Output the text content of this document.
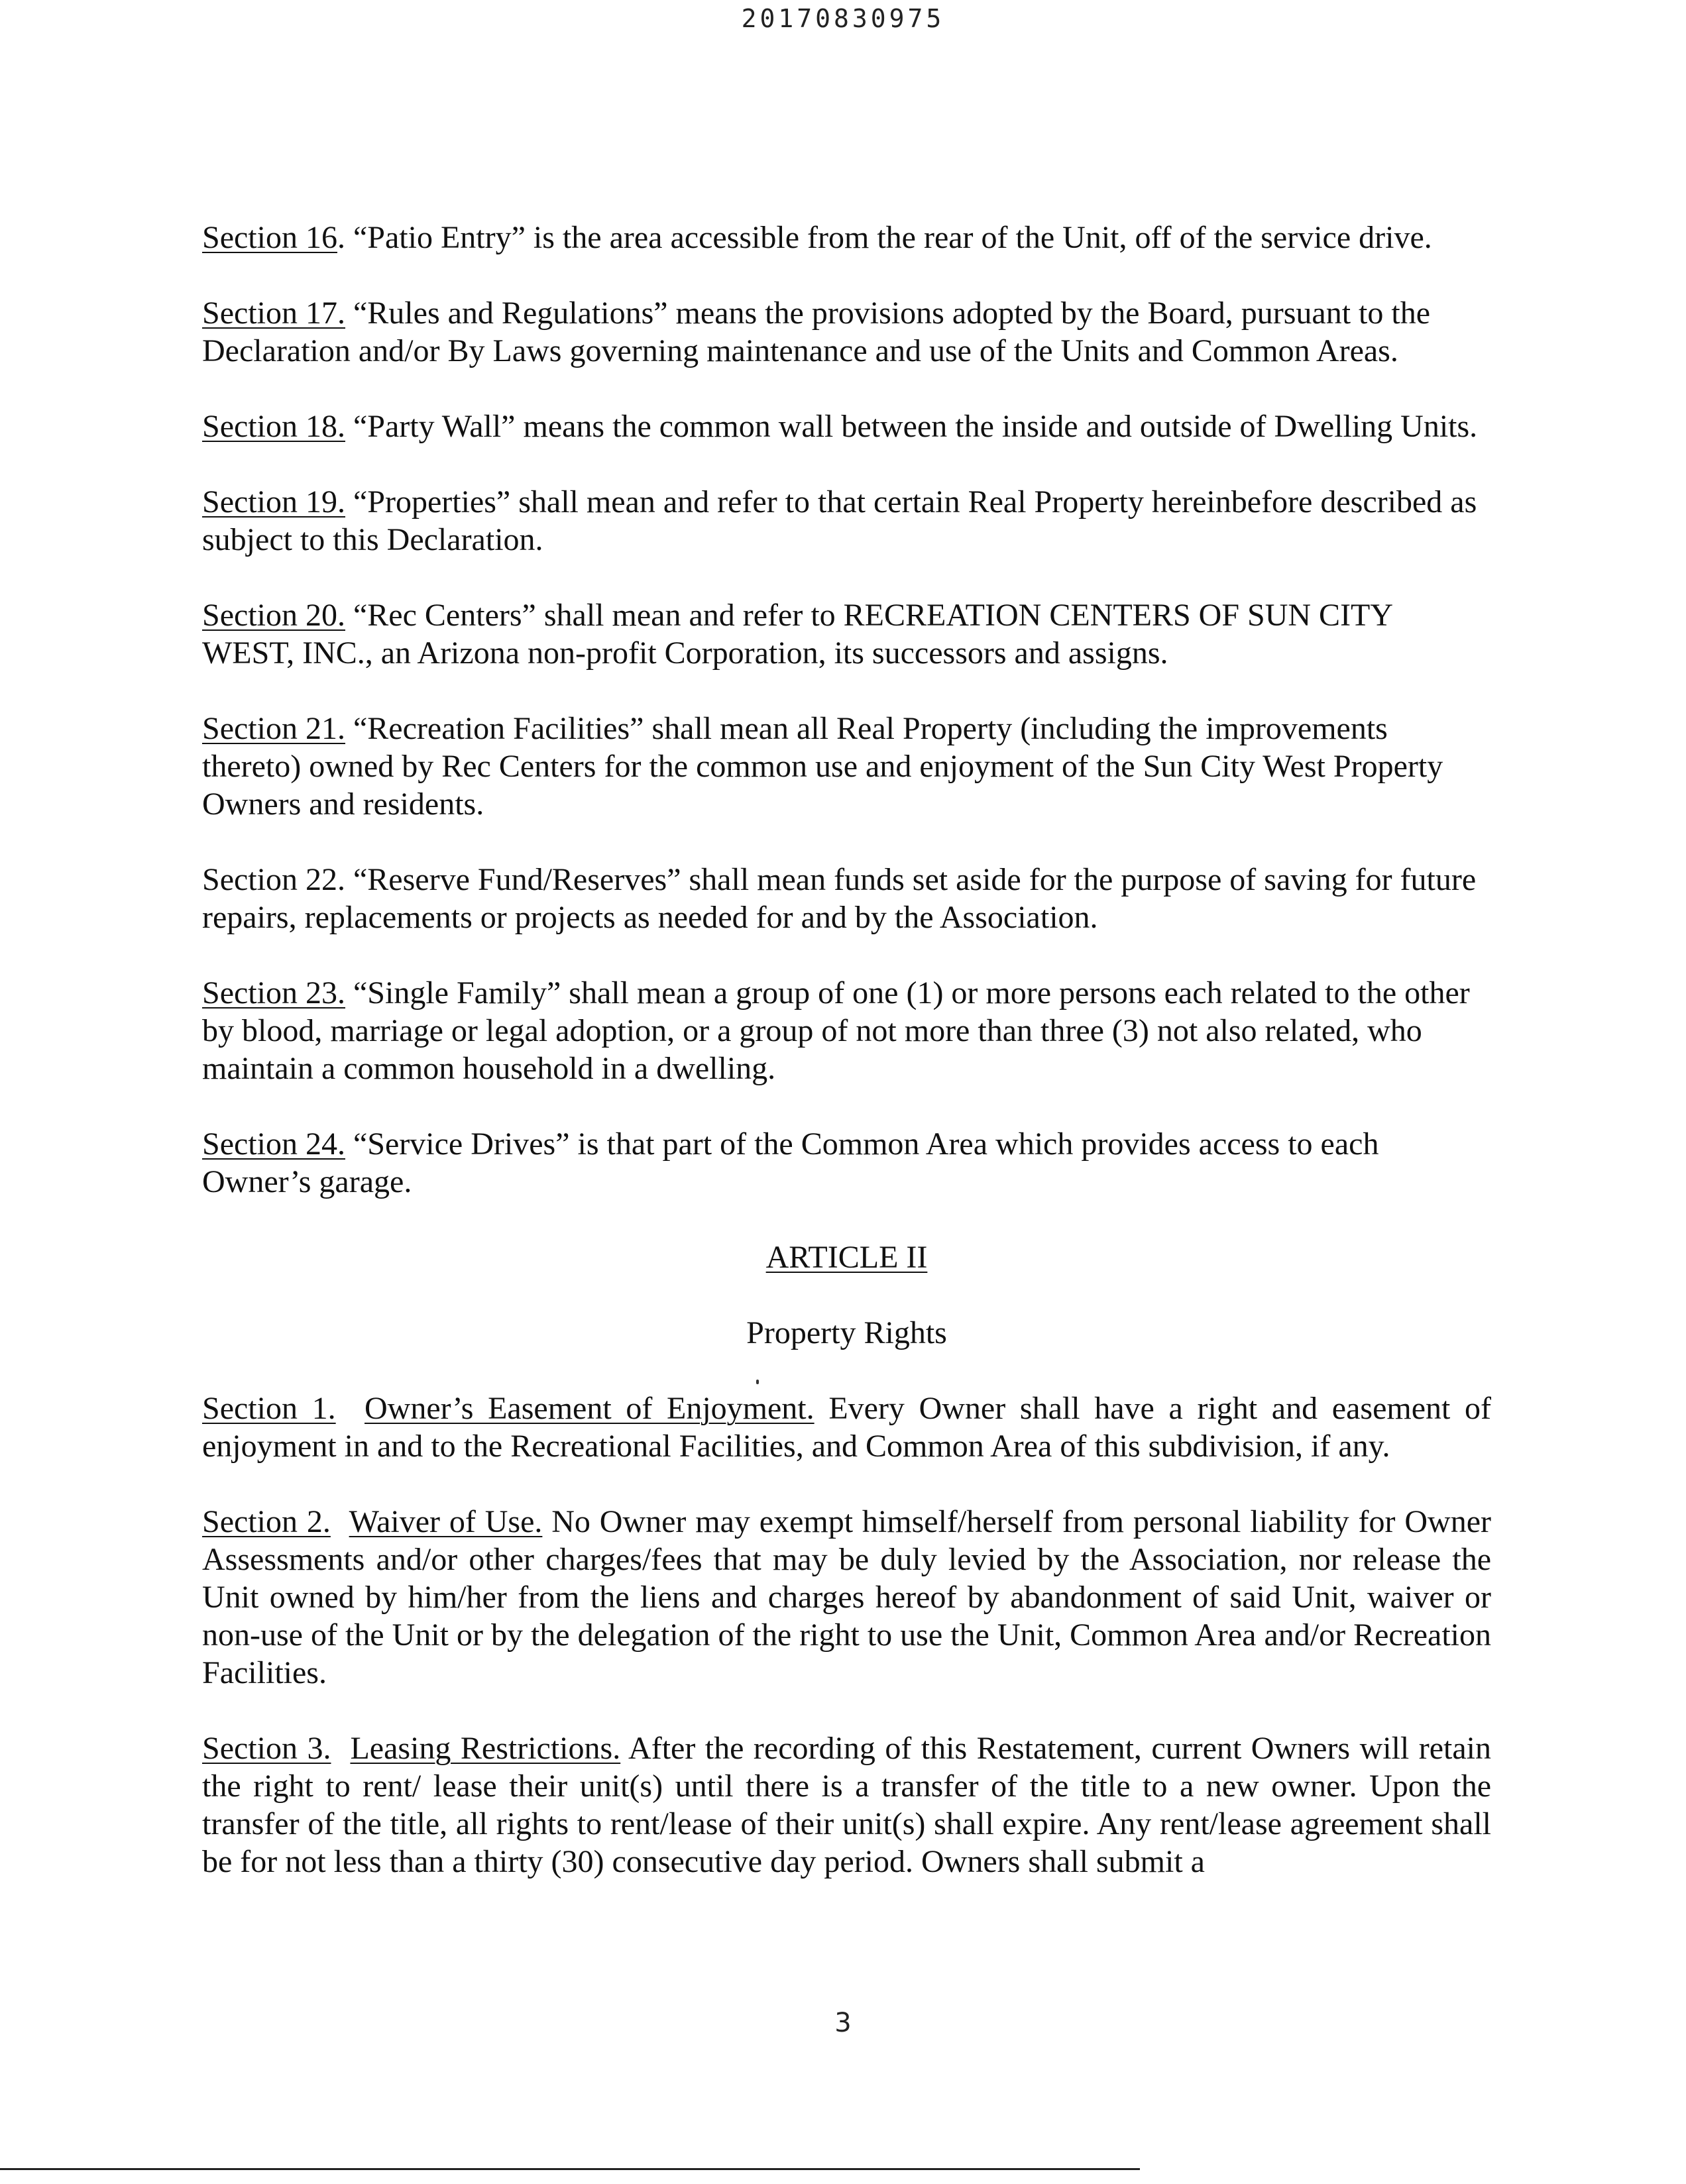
20170830975

Section 16. “Patio Entry” is the area accessible from the rear of the Unit, off of the service drive.

Section 17. “Rules and Regulations” means the provisions adopted by the Board, pursuant to the Declaration and/or By Laws governing maintenance and use of the Units and Common Areas.

Section 18. “Party Wall” means the common wall between the inside and outside of Dwelling Units.

Section 19. “Properties” shall mean and refer to that certain Real Property hereinbefore described as subject to this Declaration.

Section 20. “Rec Centers” shall mean and refer to RECREATION CENTERS OF SUN CITY WEST, INC., an Arizona non-profit Corporation, its successors and assigns.

Section 21. “Recreation Facilities” shall mean all Real Property (including the improvements thereto) owned by Rec Centers for the common use and enjoyment of the Sun City West Property Owners and residents.

Section 22. “Reserve Fund/Reserves” shall mean funds set aside for the purpose of saving for future repairs, replacements or projects as needed for and by the Association.

Section 23. “Single Family” shall mean a group of one (1) or more persons each related to the other by blood, marriage or legal adoption, or a group of not more than three (3) not also related, who maintain a common household in a dwelling.

Section 24. “Service Drives” is that part of the Common Area which provides access to each Owner’s garage.

ARTICLE II
Property Rights

Section 1. Owner’s Easement of Enjoyment. Every Owner shall have a right and easement of enjoyment in and to the Recreational Facilities, and Common Area of this subdivision, if any.

Section 2. Waiver of Use. No Owner may exempt himself/herself from personal liability for Owner Assessments and/or other charges/fees that may be duly levied by the Association, nor release the Unit owned by him/her from the liens and charges hereof by abandonment of said Unit, waiver or non-use of the Unit or by the delegation of the right to use the Unit, Common Area and/or Recreation Facilities.

Section 3. Leasing Restrictions. After the recording of this Restatement, current Owners will retain the right to rent/ lease their unit(s) until there is a transfer of the title to a new owner. Upon the transfer of the title, all rights to rent/lease of their unit(s) shall expire. Any rent/lease agreement shall be for not less than a thirty (30) consecutive day period. Owners shall submit a

3
